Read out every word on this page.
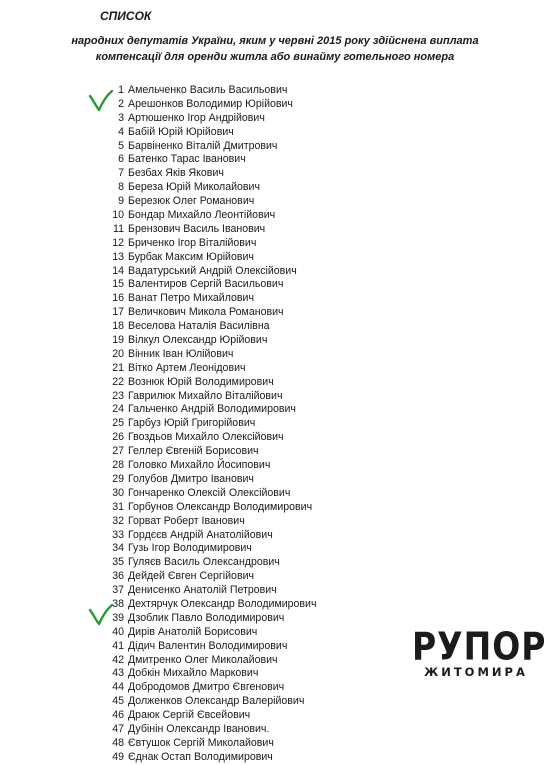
СПИСОК
народних депутатів України, яким у червні 2015 року здійснена виплата
компенсації для оренди житла або винайму готельного номера
1 Амельченко Василь Васильович
2 Арешонков Володимир Юрійович
3 Артюшенко Ігор Андрійович
4 Бабій Юрій Юрійович
5 Барвіненко Віталій Дмитрович
6 Батенко Тарас Іванович
7 Безбах Яків Якович
8 Береза Юрій Миколайович
9 Березюк Олег Романович
10 Бондар Михайло Леонтійович
11 Брензович Василь Іванович
12 Бриченко Ігор Віталійович
13 Бурбак Максим Юрійович
14 Вадатурський Андрій Олексійович
15 Валентиров Сергій Васильович
16 Ванат Петро Михайлович
17 Величкович Микола Романович
18 Веселова Наталія Василівна
19 Вілкул Олександр Юрійович
20 Вінник Іван Юлійович
21 Вітко Артем Леонідович
22 Вознюк Юрій Володимирович
23 Гаврилюк Михайло Віталійович
24 Гальченко Андрій Володимирович
25 Гарбуз Юрій Григорійович
26 Гвоздьов Михайло Олексійович
27 Геллер Євгеній Борисович
28 Головко Михайло Йосипович
29 Голубов Дмитро Іванович
30 Гончаренко Олексій Олексійович
31 Горбунов Олександр Володимирович
32 Горват Роберт Іванович
33 Гордєєв Андрій Анатолійович
34 Гузь Ігор Володимирович
35 Гуляєв Василь Олександрович
36 Дейдей Євген Сергійович
37 Денисенко Анатолій Петрович
38 Дехтярчук Олександр Володимирович
39 Дзоблик Павло Володимирович
40 Дирів Анатолій Борисович
41 Дідич Валентин Володимирович
42 Дмитренко Олег Миколайович
43 Добкін Михайло Маркович
44 Добродомов Дмитро Євгенович
45 Долженков Олександр Валерійович
46 Драюк Сергій Євсейович
47 Дубінін Олександр Іванович.
48 Євтушок Сергій Миколайович
49 Єднак Остап Володимирович
РУПОР
ЖИТОМИРА
